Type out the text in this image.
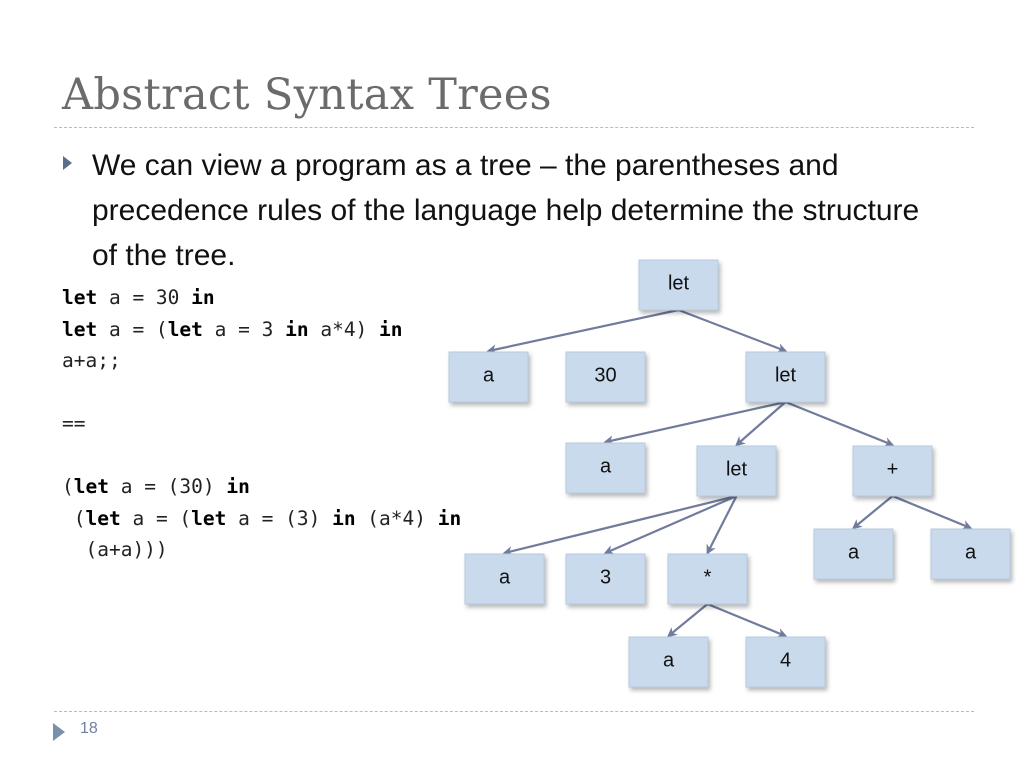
Abstract Syntax Trees
We can view a program as a tree – the parentheses and precedence rules of the language help determine the structure of the tree.
let a = 30 in
let a = (let a = 3 in a*4) in
a+a;;

==

(let a = (30) in
(let a = (let a = (3) in (a*4) in
(a+a)))
let
a	30	let
a	let	+
a	3	*
a	a
a	4
18
